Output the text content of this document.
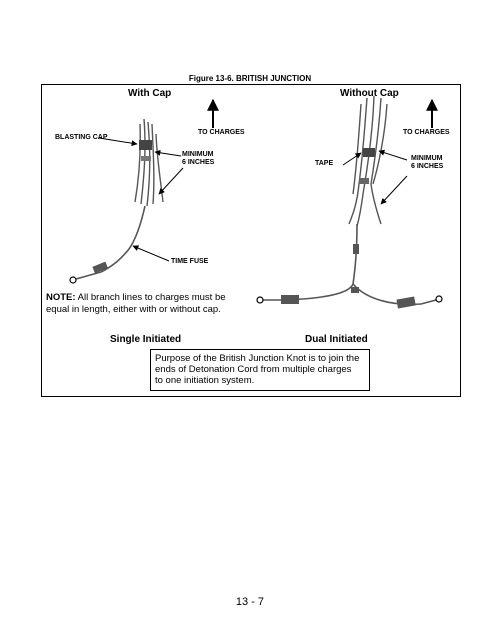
Figure 13-6. BRITISH JUNCTION
With Cap	Without Cap
BLASTING CAP
TO CHARGES
MINIMUM
6 INCHES
TIME FUSE
TO CHARGES
TAPE
MINIMUM
6 INCHES
NOTE: All branch lines to charges must be
equal in length, either with or without cap.
Single Initiated	Dual Initiated
Purpose of the British Junction Knot is to join the
ends of Detonation Cord from multiple charges
to one initiation system.
13 - 7
